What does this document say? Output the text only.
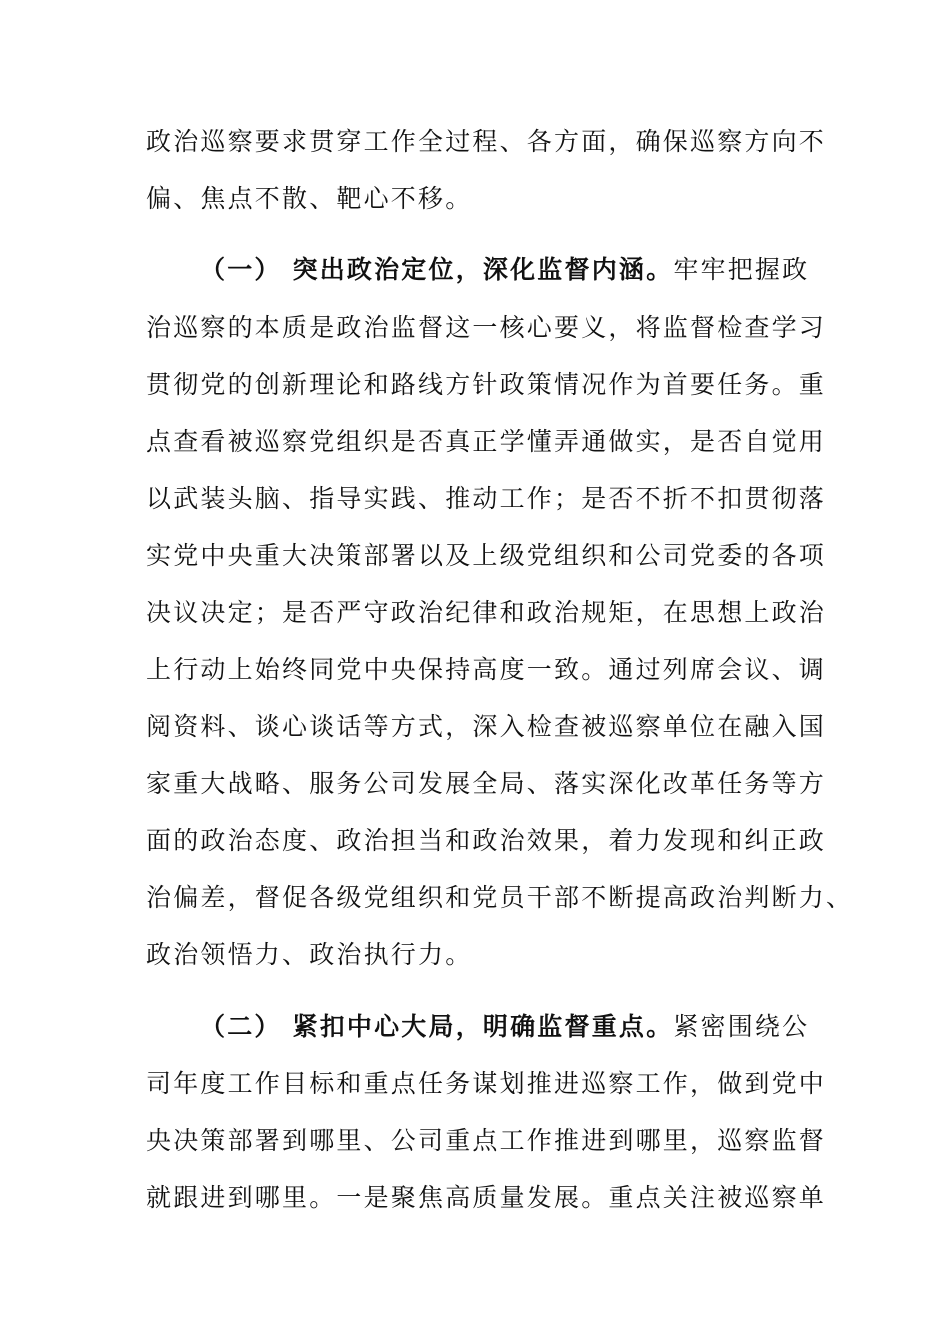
政治巡察要求贯穿工作全过程、各方面，确保巡察方向不
偏、焦点不散、靶心不移。
（一） 突出政治定位，深化监督内涵。牢牢把握政
治巡察的本质是政治监督这一核心要义，将监督检查学习
贯彻党的创新理论和路线方针政策情况作为首要任务。重
点查看被巡察党组织是否真正学懂弄通做实，是否自觉用
以武装头脑、指导实践、推动工作；是否不折不扣贯彻落
实党中央重大决策部署以及上级党组织和公司党委的各项
决议决定；是否严守政治纪律和政治规矩，在思想上政治
上行动上始终同党中央保持高度一致。通过列席会议、调
阅资料、谈心谈话等方式，深入检查被巡察单位在融入国
家重大战略、服务公司发展全局、落实深化改革任务等方
面的政治态度、政治担当和政治效果，着力发现和纠正政
治偏差，督促各级党组织和党员干部不断提高政治判断力、
政治领悟力、政治执行力。
（二） 紧扣中心大局，明确监督重点。紧密围绕公
司年度工作目标和重点任务谋划推进巡察工作，做到党中
央决策部署到哪里、公司重点工作推进到哪里，巡察监督
就跟进到哪里。一是聚焦高质量发展。重点关注被巡察单
